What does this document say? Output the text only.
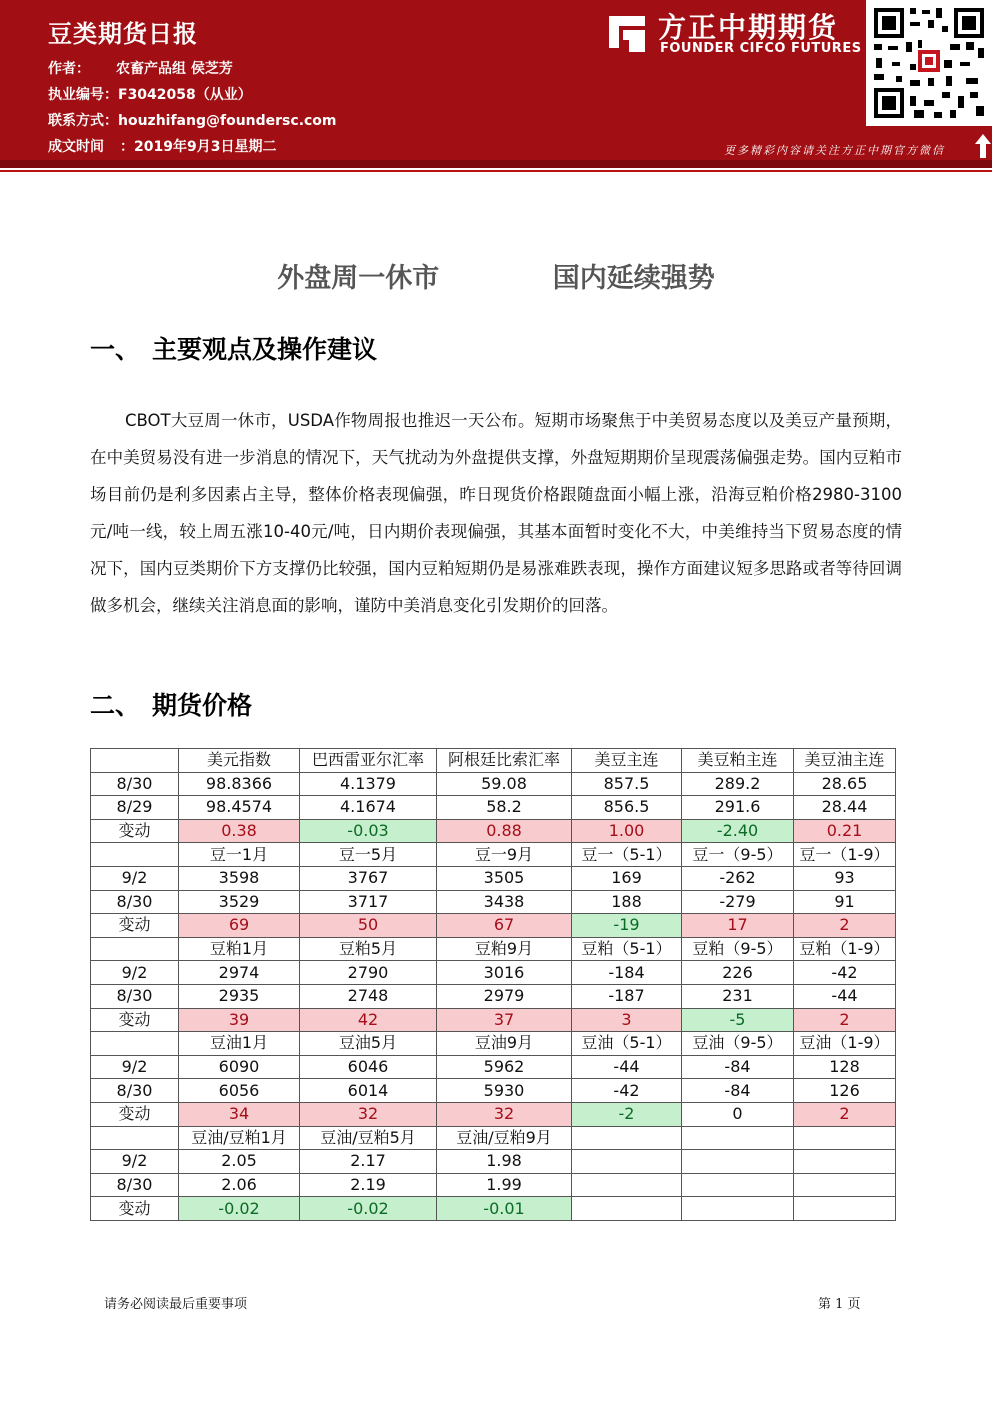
豆类期货日报
作者： 农畜产品组 侯芝芳
执业编号：F3042058（从业）
联系方式：houzhifang@foundersc.com
成文时间 ：2019年9月3日星期二
方正中期期货
FOUNDER CIFCO FUTURES
更多精彩内容请关注方正中期官方微信
外盘周一休市	国内延续强势
一、 主要观点及操作建议
CBOT大豆周一休市，USDA作物周报也推迟一天公布。短期市场聚焦于中美贸易态度以及美豆产量预期，在中美贸易没有进一步消息的情况下，天气扰动为外盘提供支撑，外盘短期期价呈现震荡偏强走势。国内豆粕市场目前仍是利多因素占主导，整体价格表现偏强，昨日现货价格跟随盘面小幅上涨，沿海豆粕价格2980-3100元/吨一线，较上周五涨10-40元/吨，日内期价表现偏强，其基本面暂时变化不大，中美维持当下贸易态度的情况下，国内豆类期价下方支撑仍比较强，国内豆粕短期仍是易涨难跌表现，操作方面建议短多思路或者等待回调做多机会，继续关注消息面的影响，谨防中美消息变化引发期价的回落。
二、 期货价格
	美元指数	巴西雷亚尔汇率	阿根廷比索汇率	美豆主连	美豆粕主连	美豆油主连
8/30	98.8366	4.1379	59.08	857.5	289.2	28.65
8/29	98.4574	4.1674	58.2	856.5	291.6	28.44
变动	0.38	-0.03	0.88	1.00	-2.40	0.21
	豆一1月	豆一5月	豆一9月	豆一（5-1）	豆一（9-5）	豆一（1-9）
9/2	3598	3767	3505	169	-262	93
8/30	3529	3717	3438	188	-279	91
变动	69	50	67	-19	17	2
	豆粕1月	豆粕5月	豆粕9月	豆粕（5-1）	豆粕（9-5）	豆粕（1-9）
9/2	2974	2790	3016	-184	226	-42
8/30	2935	2748	2979	-187	231	-44
变动	39	42	37	3	-5	2
	豆油1月	豆油5月	豆油9月	豆油（5-1）	豆油（9-5）	豆油（1-9）
9/2	6090	6046	5962	-44	-84	128
8/30	6056	6014	5930	-42	-84	126
变动	34	32	32	-2	0	2
	豆油/豆粕1月	豆油/豆粕5月	豆油/豆粕9月			
9/2	2.05	2.17	1.98			
8/30	2.06	2.19	1.99			
变动	-0.02	-0.02	-0.01			
请务必阅读最后重要事项	第 1 页
